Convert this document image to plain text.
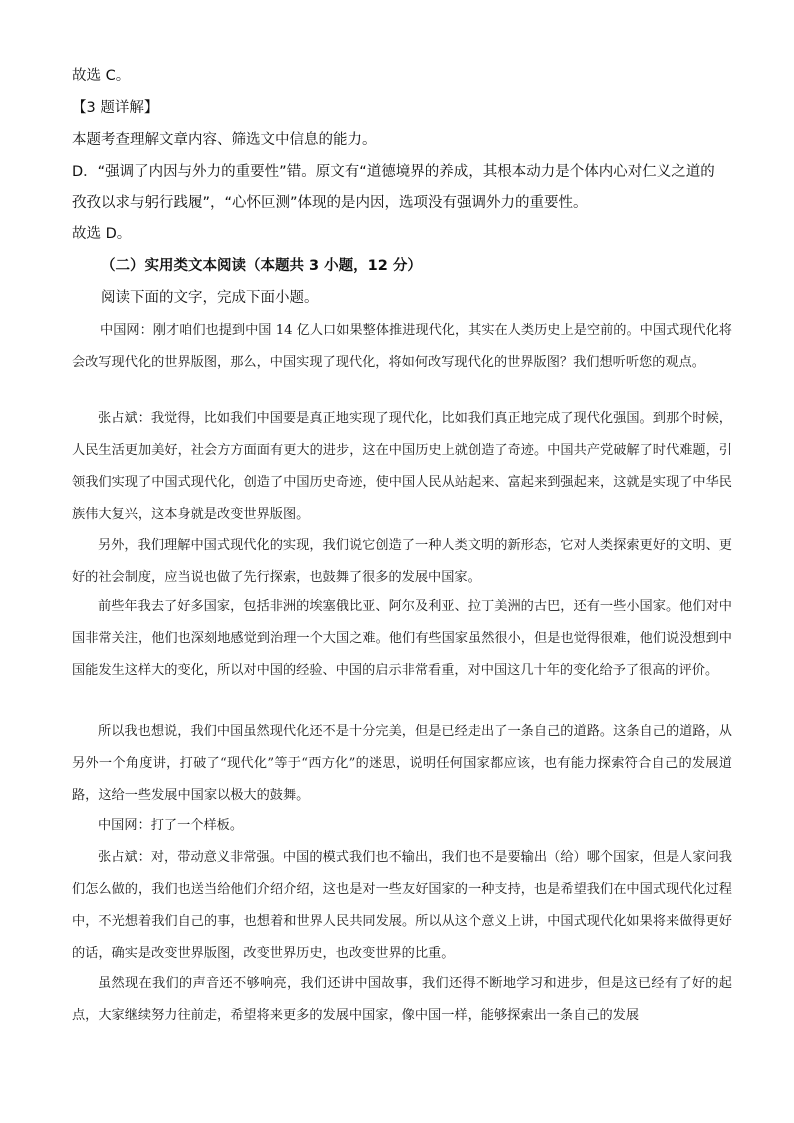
故选 C。
【3 题详解】
本题考查理解文章内容、筛选文中信息的能力。
D．“强调了内因与外力的重要性”错。原文有“道德境界的养成，其根本动力是个体内心对仁义之道的
孜孜以求与躬行践履”，“心怀叵测”体现的是内因，选项没有强调外力的重要性。
故选 D。
（二）实用类文本阅读（本题共 3 小题，12 分）
阅读下面的文字，完成下面小题。
中国网：刚才咱们也提到中国 14 亿人口如果整体推进现代化，其实在人类历史上是空前的。中国式现代化将会改写现代化的世界版图，那么，中国实现了现代化，将如何改写现代化的世界版图？我们想听听您的观点。
张占斌：我觉得，比如我们中国要是真正地实现了现代化，比如我们真正地完成了现代化强国。到那个时候，人民生活更加美好，社会方方面面有更大的进步，这在中国历史上就创造了奇迹。中国共产党破解了时代难题，引领我们实现了中国式现代化，创造了中国历史奇迹，使中国人民从站起来、富起来到强起来，这就是实现了中华民族伟大复兴，这本身就是改变世界版图。
另外，我们理解中国式现代化的实现，我们说它创造了一种人类文明的新形态，它对人类探索更好的文明、更好的社会制度，应当说也做了先行探索，也鼓舞了很多的发展中国家。
前些年我去了好多国家，包括非洲的埃塞俄比亚、阿尔及利亚、拉丁美洲的古巴，还有一些小国家。他们对中国非常关注，他们也深刻地感觉到治理一个大国之难。他们有些国家虽然很小，但是也觉得很难，他们说没想到中国能发生这样大的变化，所以对中国的经验、中国的启示非常看重，对中国这几十年的变化给予了很高的评价。
所以我也想说，我们中国虽然现代化还不是十分完美，但是已经走出了一条自己的道路。这条自己的道路，从另外一个角度讲，打破了“现代化”等于“西方化”的迷思，说明任何国家都应该，也有能力探索符合自己的发展道路，这给一些发展中国家以极大的鼓舞。
中国网：打了一个样板。
张占斌：对，带动意义非常强。中国的模式我们也不输出，我们也不是要输出（给）哪个国家，但是人家问我们怎么做的，我们也送当给他们介绍介绍，这也是对一些友好国家的一种支持，也是希望我们在中国式现代化过程中，不光想着我们自己的事，也想着和世界人民共同发展。所以从这个意义上讲，中国式现代化如果将来做得更好的话，确实是改变世界版图，改变世界历史，也改变世界的比重。
虽然现在我们的声音还不够响亮，我们还讲中国故事，我们还得不断地学习和进步，但是这已经有了好的起点，大家继续努力往前走，希望将来更多的发展中国家，像中国一样，能够探索出一条自己的发展
